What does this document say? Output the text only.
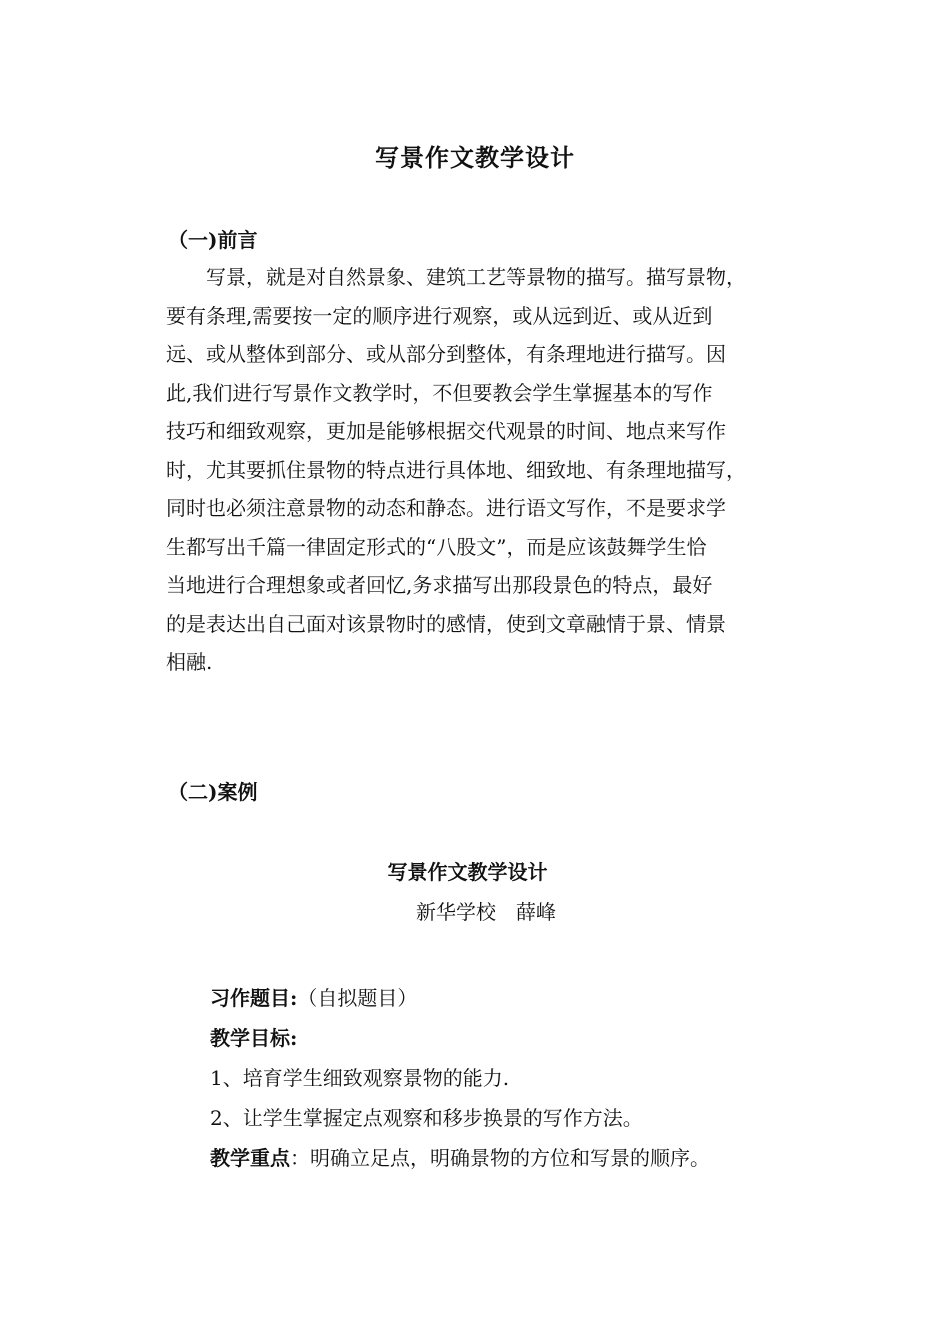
写景作文教学设计
（一)前言
　　写景，就是对自然景象、建筑工艺等景物的描写。描写景物，
要有条理,需要按一定的顺序进行观察，或从远到近、或从近到
远、或从整体到部分、或从部分到整体，有条理地进行描写。因
此,我们进行写景作文教学时，不但要教会学生掌握基本的写作
技巧和细致观察，更加是能够根据交代观景的时间、地点来写作
时，尤其要抓住景物的特点进行具体地、细致地、有条理地描写，
同时也必须注意景物的动态和静态。进行语文写作，不是要求学
生都写出千篇一律固定形式的“八股文”，而是应该鼓舞学生恰
当地进行合理想象或者回忆,务求描写出那段景色的特点，最好
的是表达出自己面对该景物时的感情，使到文章融情于景、情景
相融.
（二)案例
写景作文教学设计
新华学校　薛峰
习作题目:（自拟题目）
教学目标:
1、培育学生细致观察景物的能力.
2、让学生掌握定点观察和移步换景的写作方法。
教学重点：明确立足点，明确景物的方位和写景的顺序。
